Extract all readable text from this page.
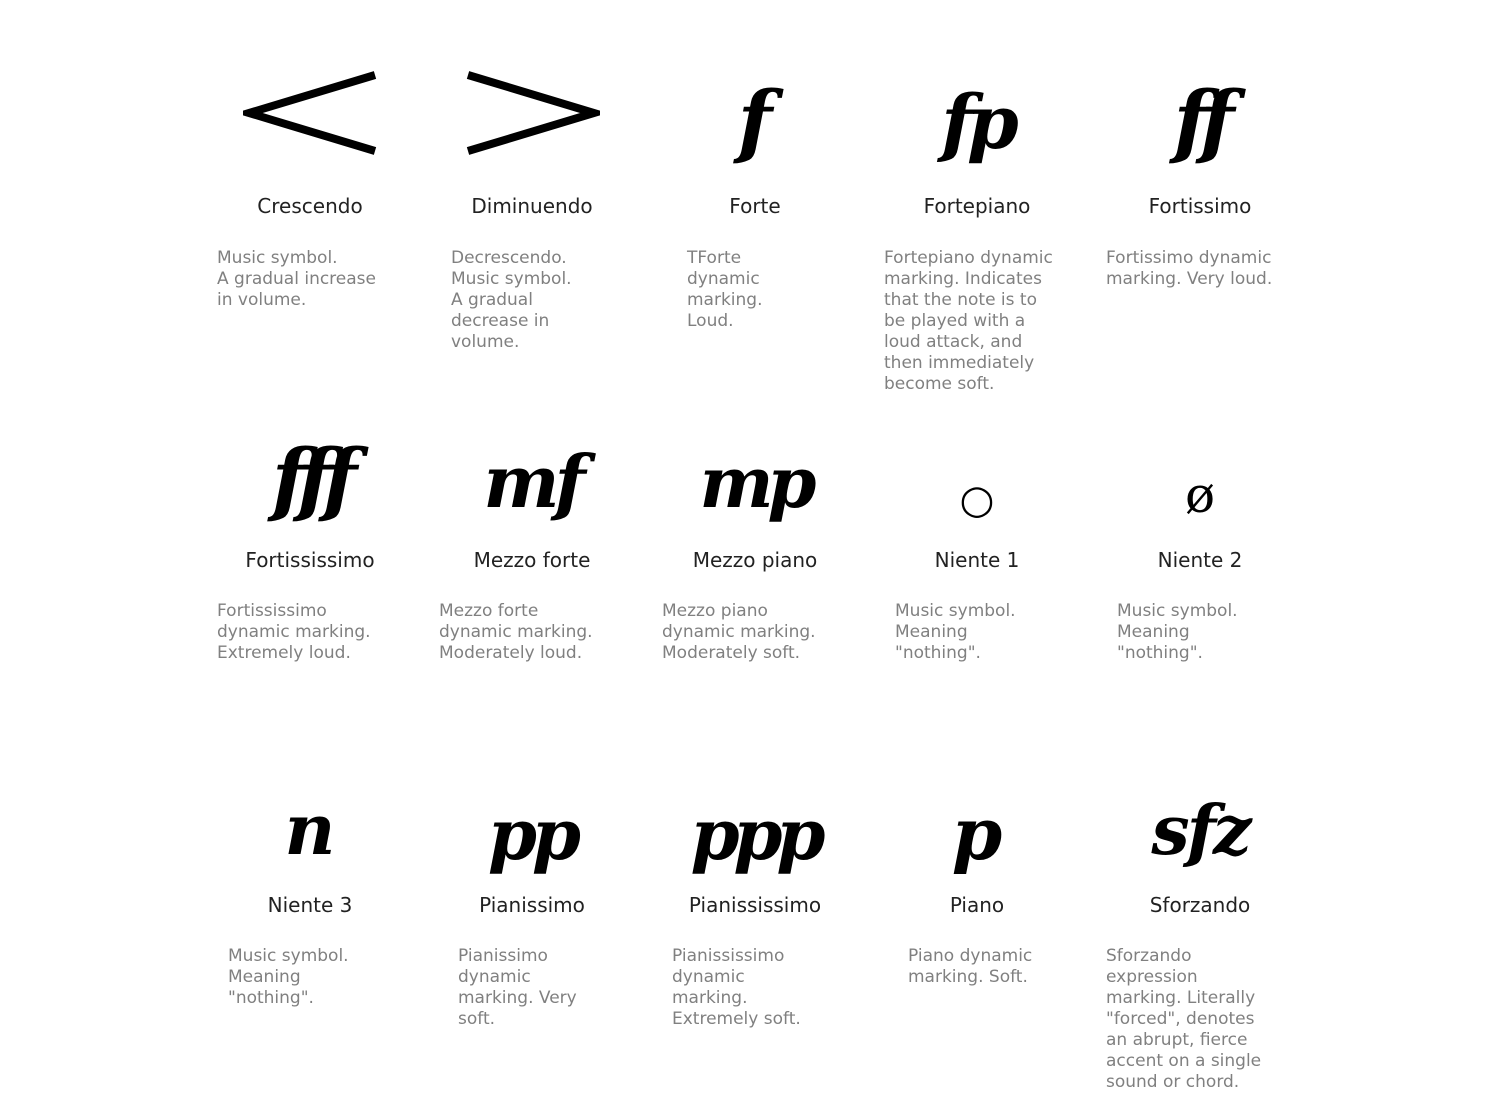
Crescendo
Music symbol.
A gradual increase
in volume.
Diminuendo
Decrescendo.
Music symbol.
A gradual
decrease in
volume.
f
Forte
TForte
dynamic
marking.
Loud.
fp
Fortepiano
Fortepiano dynamic
marking. Indicates
that the note is to
be played with a
loud attack, and
then immediately
become soft.
ff
Fortissimo
Fortissimo dynamic
marking. Very loud.
fff
Fortississimo
Fortississimo
dynamic marking.
Extremely loud.
mf
Mezzo forte
Mezzo forte
dynamic marking.
Moderately loud.
mp
Mezzo piano
Mezzo piano
dynamic marking.
Moderately soft.
○
Niente 1
Music symbol.
Meaning
"nothing".
ø
Niente 2
Music symbol.
Meaning
"nothing".
n
Niente 3
Music symbol.
Meaning
"nothing".
pp
Pianissimo
Pianissimo
dynamic
marking. Very
soft.
ppp
Pianississimo
Pianississimo
dynamic
marking.
Extremely soft.
p
Piano
Piano dynamic
marking. Soft.
sfz
Sforzando
Sforzando
expression
marking. Literally
"forced", denotes
an abrupt, fierce
accent on a single
sound or chord.
